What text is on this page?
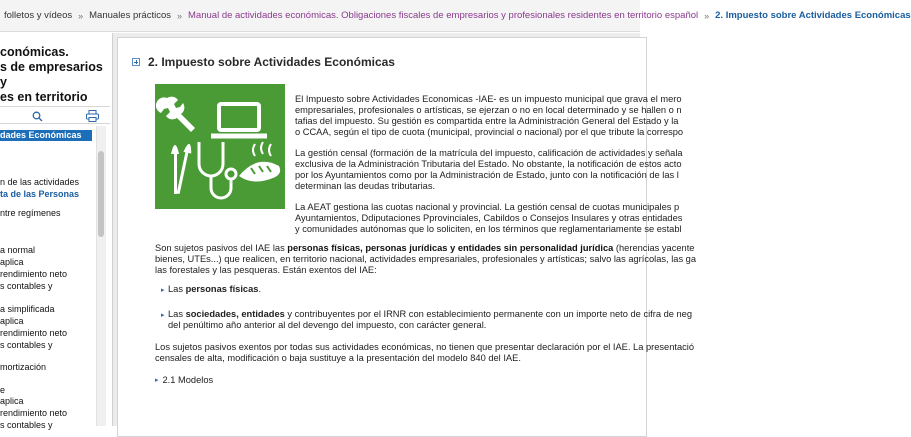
folletos y vídeos » Manuales prácticos » Manual de actividades económicas. Obligaciones fiscales de empresarios y profesionales residentes en territorio español » 2. Impuesto sobre Actividades Económicas
conómicas.
s de empresarios y
es en territorio
dades Económicas
n de las actividades
ta de las Personas
ntre regímenes
a normal
aplica
rendimiento neto
s contables y
a simplificada
aplica
rendimiento neto
s contables y
mortización
e
aplica
rendimiento neto
s contables y
2. Impuesto sobre Actividades Económicas
El Impuesto sobre Actividades Economicas -IAE- es un impuesto municipal que grava el mero
empresariales, profesionales o artísticas, se ejerzan o no en local determinado y se hallen o n
tafias del impuesto. Su gestión es compartida entre la Administración General del Estado y la
o CCAA, según el tipo de cuota (municipal, provincial o nacional) por el que tribute la correspo
La gestión censal (formación de la matrícula del impuesto, calificación de actividades y señala
exclusiva de la Administración Tributaria del Estado. No obstante, la notificación de estos acto
por los Ayuntamientos como por la Administración de Estado, junto con la notificación de las l
determinan las deudas tributarias.
La AEAT gestiona las cuotas nacional y provincial. La gestión censal de cuotas municipales p
Ayuntamientos, Ddiputaciones Pprovinciales, Cabildos o Consejos Insulares y otras entidades
y comunidades autónomas que lo soliciten, en los términos que reglamentariamente se establ
Son sujetos pasivos del IAE las personas físicas, personas jurídicas y entidades sin personalidad jurídica (herencias yacente
bienes, UTEs...) que realicen, en territorio nacional, actividades empresariales, profesionales y artísticas; salvo las agrícolas, las ga
las forestales y las pesqueras. Están exentos del IAE:
▸ Las personas físicas.
▸ Las sociedades, entidades y contribuyentes por el IRNR con establecimiento permanente con un importe neto de cifra de neg
del penúltimo año anterior al del devengo del impuesto, con carácter general.
Los sujetos pasivos exentos por todas sus actividades económicas, no tienen que presentar declaración por el IAE. La presentació
censales de alta, modificación o baja sustituye a la presentación del modelo 840 del IAE.
▸ 2.1 Modelos
